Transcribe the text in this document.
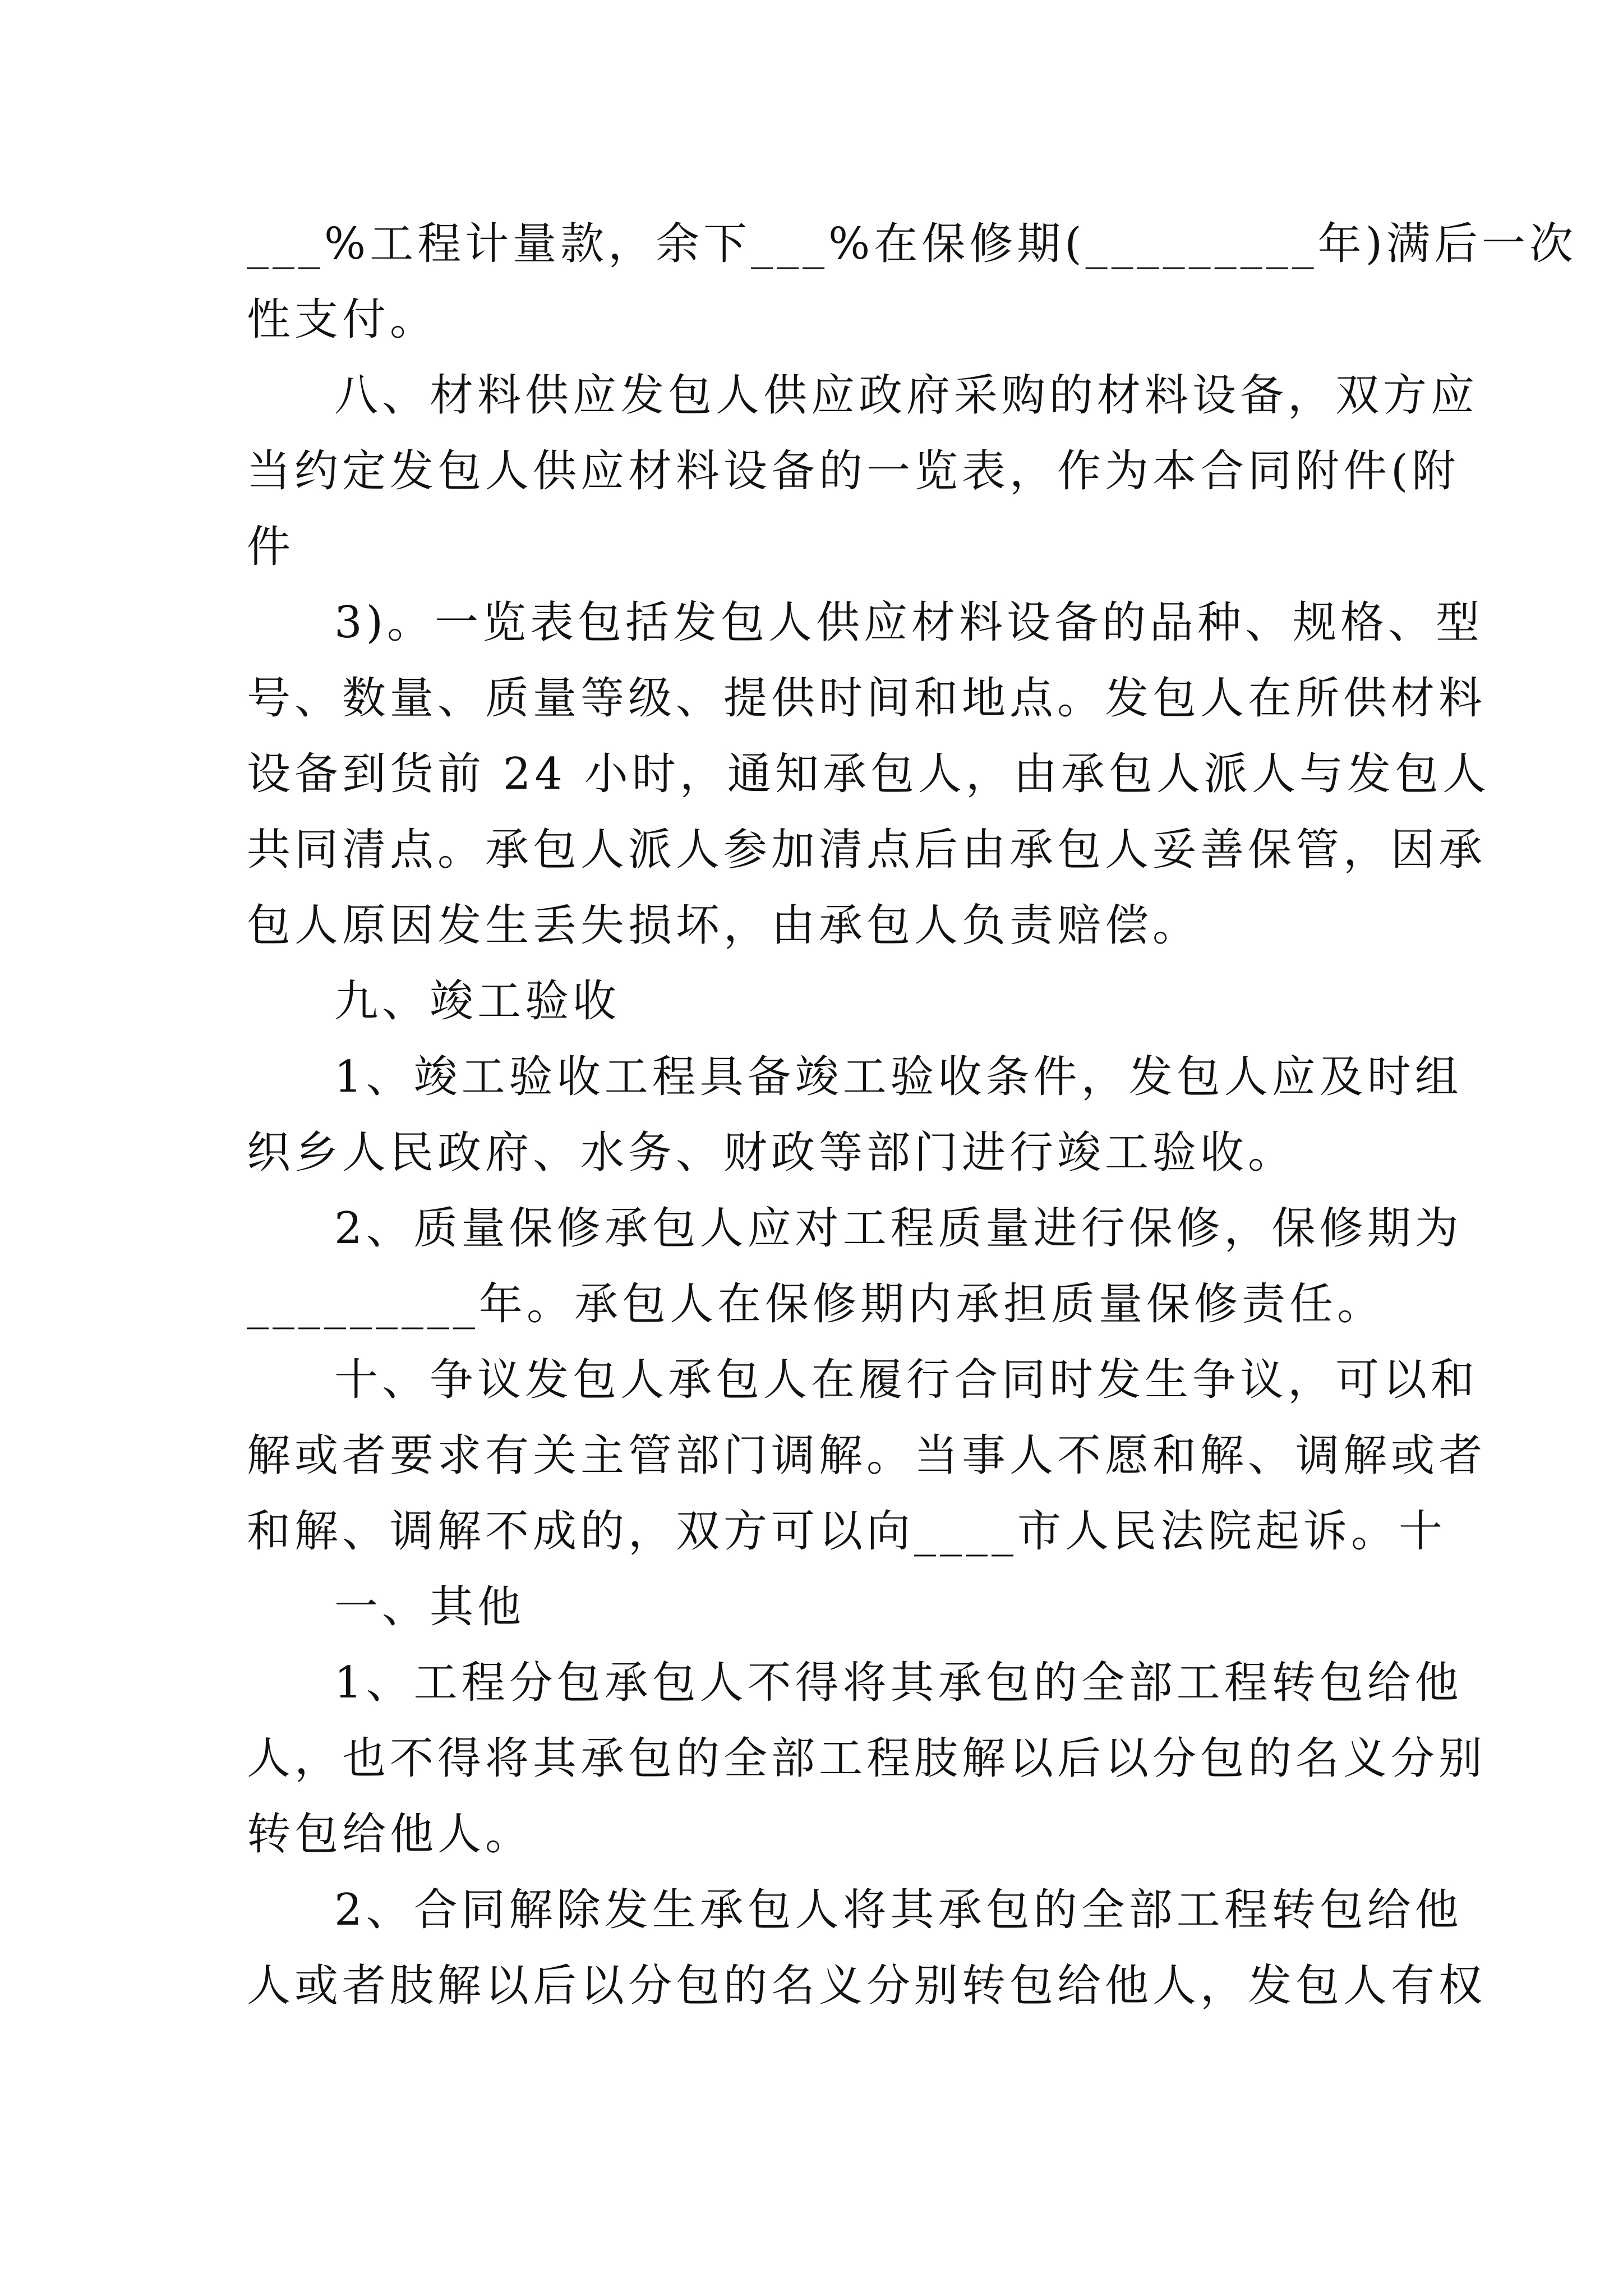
___%工程计量款，余下___%在保修期(_________年)满后一次
性支付。
八、材料供应发包人供应政府采购的材料设备，双方应
当约定发包人供应材料设备的一览表，作为本合同附件(附
件
3)。一览表包括发包人供应材料设备的品种、规格、型
号、数量、质量等级、提供时间和地点。发包人在所供材料
设备到货前 24 小时，通知承包人，由承包人派人与发包人
共同清点。承包人派人参加清点后由承包人妥善保管，因承
包人原因发生丢失损坏，由承包人负责赔偿。
九、竣工验收
1、竣工验收工程具备竣工验收条件，发包人应及时组
织乡人民政府、水务、财政等部门进行竣工验收。
2、质量保修承包人应对工程质量进行保修，保修期为
_________年。承包人在保修期内承担质量保修责任。
十、争议发包人承包人在履行合同时发生争议，可以和
解或者要求有关主管部门调解。当事人不愿和解、调解或者
和解、调解不成的，双方可以向____市人民法院起诉。十
一、其他
1、工程分包承包人不得将其承包的全部工程转包给他
人，也不得将其承包的全部工程肢解以后以分包的名义分别
转包给他人。
2、合同解除发生承包人将其承包的全部工程转包给他
人或者肢解以后以分包的名义分别转包给他人，发包人有权
